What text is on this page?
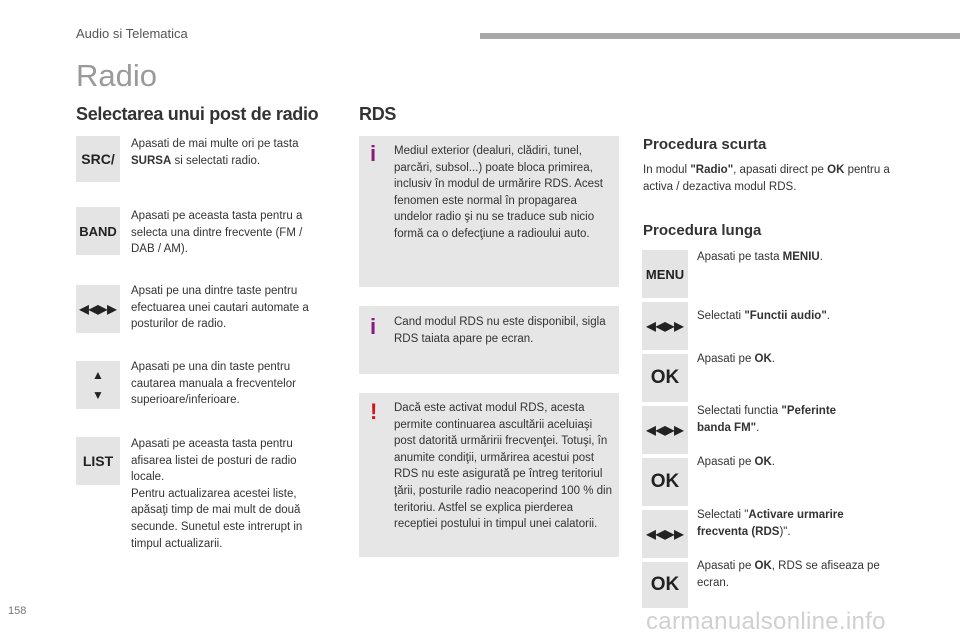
Audio si Telematica
Radio
Selectarea unui post de radio
SRC/
Apasati de mai multe ori pe tasta SURSA si selectati radio.
BAND
Apasati pe aceasta tasta pentru a selecta una dintre frecvente (FM / DAB / AM).
◀◀▶▶
Apsati pe una dintre taste pentru efectuarea unei cautari automate a posturilor de radio.
▲
▼
Apasati pe una din taste pentru cautarea manuala a frecventelor superioare/inferioare.
LIST
Apasati pe aceasta tasta pentru afisarea listei de posturi de radio locale.
Pentru actualizarea acestei liste, apăsaţi timp de mai mult de două secunde. Sunetul este intrerupt in timpul actualizarii.
RDS
i Mediul exterior (dealuri, clădiri, tunel, parcări, subsol...) poate bloca primirea, inclusiv în modul de urmărire RDS. Acest fenomen este normal în propagarea undelor radio şi nu se traduce sub nicio formă ca o defecţiune a radioului auto.
i Cand modul RDS nu este disponibil, sigla RDS taiata apare pe ecran.
! Dacă este activat modul RDS, acesta permite continuarea ascultării aceluiaşi post datorită urmăririi frecvenţei. Totuşi, în anumite condiţii, urmărirea acestui post RDS nu este asigurată pe întreg teritoriul ţării, posturile radio neacoperind 100 % din teritoriu. Astfel se explica pierderea receptiei postului in timpul unei calatorii.
Procedura scurta
In modul "Radio", apasati direct pe OK pentru a activa / dezactiva modul RDS.
Procedura lunga
MENU
Apasati pe tasta MENIU.
◀◀▶▶
Selectati "Functii audio".
OK
Apasati pe OK.
◀◀▶▶
Selectati functia "Peferinte banda FM".
OK
Apasati pe OK.
◀◀▶▶
Selectati "Activare urmarire frecventa (RDS)".
OK
Apasati pe OK, RDS se afiseaza pe ecran.
158	carmanualsonline.info
